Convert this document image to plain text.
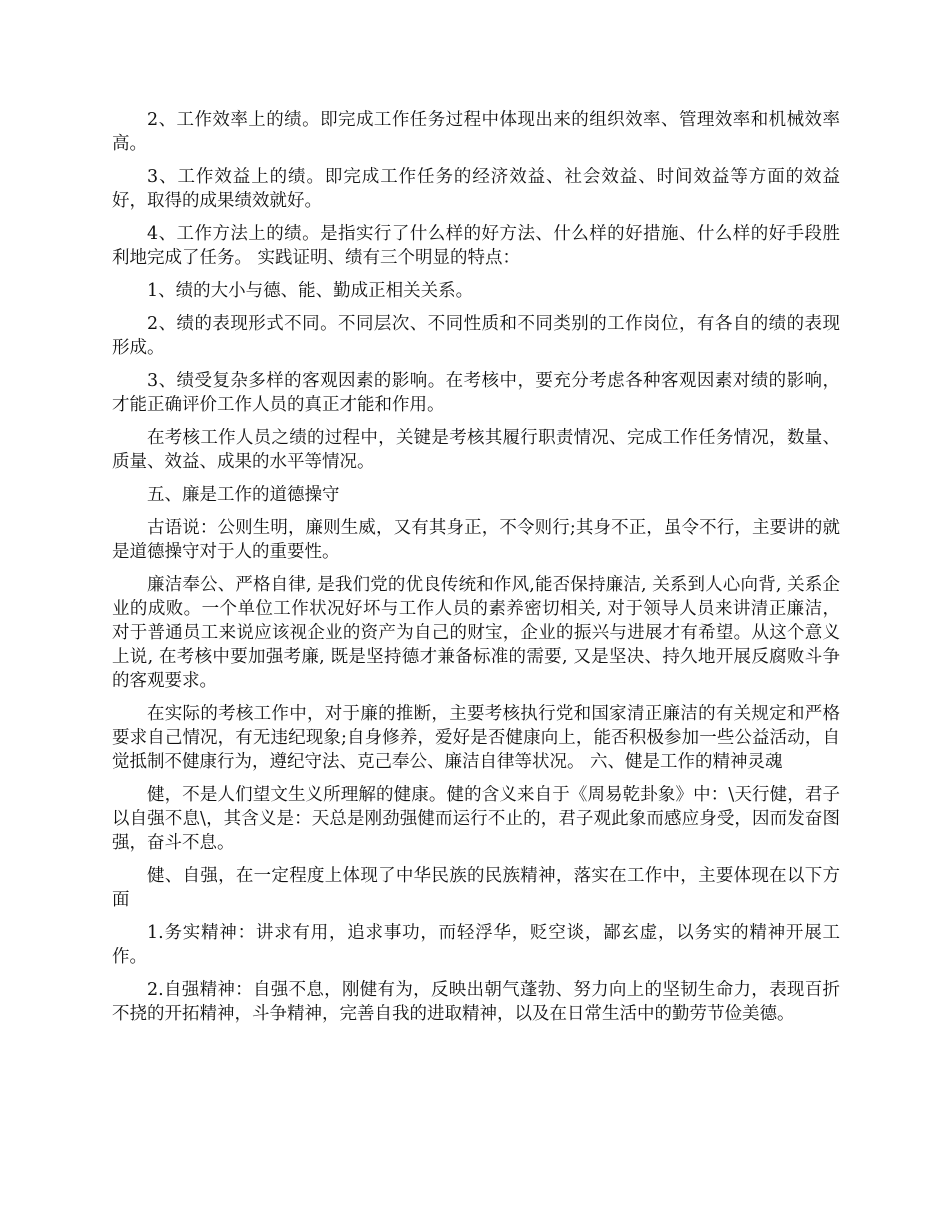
2、工作效率上的绩。即完成工作任务过程中体现出来的组织效率、管理效率和机械效率高。

3、工作效益上的绩。即完成工作任务的经济效益、社会效益、时间效益等方面的效益好，取得的成果绩效就好。

4、工作方法上的绩。是指实行了什么样的好方法、什么样的好措施、什么样的好手段胜利地完成了任务。 实践证明、绩有三个明显的特点：

1、绩的大小与德、能、勤成正相关关系。

2、绩的表现形式不同。不同层次、不同性质和不同类别的工作岗位，有各自的绩的表现形成。

3、绩受复杂多样的客观因素的影响。在考核中，要充分考虑各种客观因素对绩的影响，才能正确评价工作人员的真正才能和作用。

在考核工作人员之绩的过程中，关键是考核其履行职责情况、完成工作任务情况，数量、质量、效益、成果的水平等情况。

五、廉是工作的道德操守

古语说：公则生明，廉则生威，又有其身正，不令则行;其身不正，虽令不行，主要讲的就是道德操守对于人的重要性。

廉洁奉公、严格自律, 是我们党的优良传统和作风,能否保持廉洁, 关系到人心向背, 关系企业的成败。一个单位工作状况好坏与工作人员的素养密切相关, 对于领导人员来讲清正廉洁，对于普通员工来说应该视企业的资产为自己的财宝，企业的振兴与进展才有希望。从这个意义上说, 在考核中要加强考廉, 既是坚持德才兼备标准的需要, 又是坚决、持久地开展反腐败斗争的客观要求。

在实际的考核工作中，对于廉的推断，主要考核执行党和国家清正廉洁的有关规定和严格要求自己情况，有无违纪现象;自身修养，爱好是否健康向上，能否积极参加一些公益活动，自觉抵制不健康行为，遵纪守法、克己奉公、廉洁自律等状况。 六、健是工作的精神灵魂

健，不是人们望文生义所理解的健康。健的含义来自于《周易乾卦象》中：\天行健，君子以自强不息\，其含义是：天总是刚劲强健而运行不止的，君子观此象而感应身受，因而发奋图强，奋斗不息。

健、自强，在一定程度上体现了中华民族的民族精神，落实在工作中，主要体现在以下方面

1.务实精神：讲求有用，追求事功，而轻浮华，贬空谈，鄙玄虚，以务实的精神开展工作。

2.自强精神：自强不息，刚健有为，反映出朝气蓬勃、努力向上的坚韧生命力，表现百折不挠的开拓精神，斗争精神，完善自我的进取精神，以及在日常生活中的勤劳节俭美德。
